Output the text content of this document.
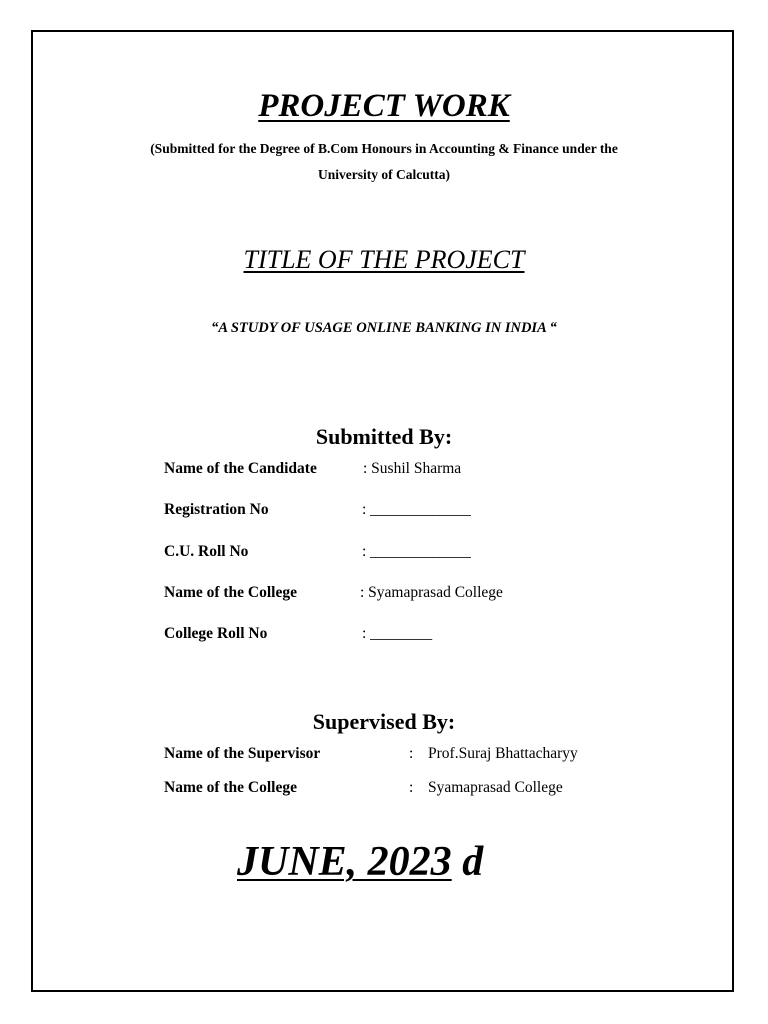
PROJECT WORK
(Submitted for the Degree of B.Com Honours in Accounting & Finance under the
University of Calcutta)
TITLE OF THE PROJECT
“A STUDY OF USAGE ONLINE BANKING IN INDIA “
Submitted By:
Name of the Candidate	: Sushil Sharma
Registration No	: _____________
C.U. Roll No	: _____________
Name of the College	: Syamaprasad College
College Roll No	: ________
Supervised By:
Name of the Supervisor	: Prof.Suraj Bhattacharyy
Name of the College	: Syamaprasad College
JUNE, 2023 d
